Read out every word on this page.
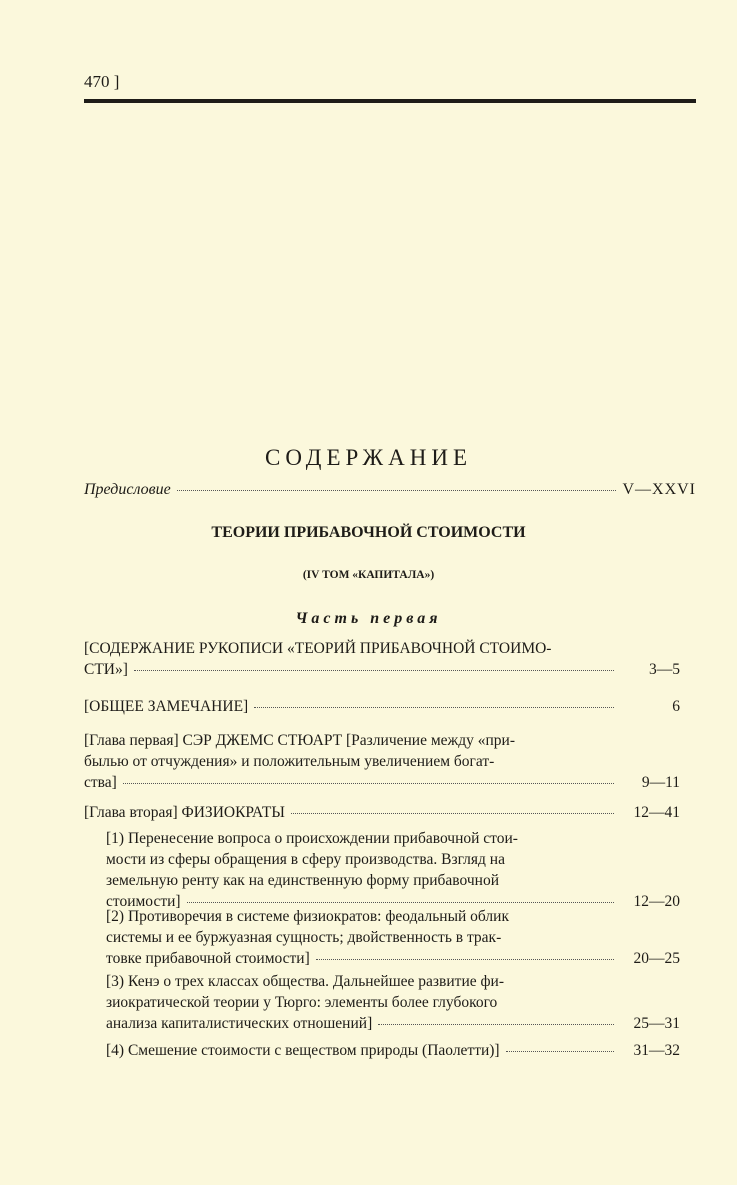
470 ]
СОДЕРЖАНИЕ
Предисловие	V—XXVI
ТЕОРИИ ПРИБАВОЧНОЙ СТОИМОСТИ
(IV ТОМ «КАПИТАЛА»)
Часть первая
[СОДЕРЖАНИЕ РУКОПИСИ «ТЕОРИЙ ПРИБАВОЧНОЙ СТОИМО-
СТИ»]	3—5
[ОБЩЕЕ ЗАМЕЧАНИЕ]	6
[Глава первая] СЭР ДЖЕМС СТЮАРТ [Различение между «при-
былью от отчуждения» и положительным увеличением богат-
ства]	9—11
[Глава вторая] ФИЗИОКРАТЫ	12—41
[1) Перенесение вопроса о происхождении прибавочной стои-
мости из сферы обращения в сферу производства. Взгляд на
земельную ренту как на единственную форму прибавочной
стоимости]	12—20
[2) Противоречия в системе физиократов: феодальный облик
системы и ее буржуазная сущность; двойственность в трак-
товке прибавочной стоимости]	20—25
[3) Кенэ о трех классах общества. Дальнейшее развитие фи-
зиократической теории у Тюрго: элементы более глубокого
анализа капиталистических отношений]	25—31
[4) Смешение стоимости с веществом природы (Паолетти)]	31—32
